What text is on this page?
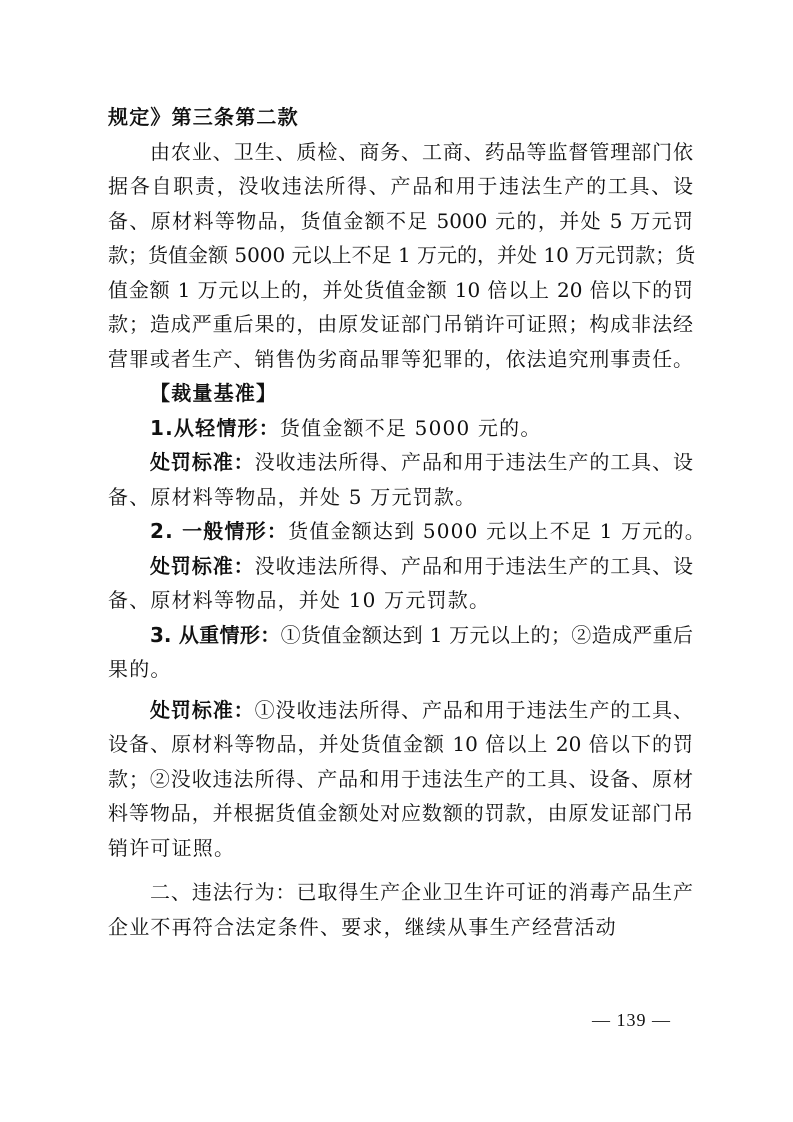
规定》第三条第二款
由农业、卫生、质检、商务、工商、药品等监督管理部门依
据各自职责，没收违法所得、产品和用于违法生产的工具、设
备、原材料等物品，货值金额不足 5000 元的，并处 5 万元罚
款；货值金额 5000 元以上不足 1 万元的，并处 10 万元罚款；货
值金额 1 万元以上的，并处货值金额 10 倍以上 20 倍以下的罚
款；造成严重后果的，由原发证部门吊销许可证照；构成非法经
营罪或者生产、销售伪劣商品罪等犯罪的，依法追究刑事责任。
【裁量基准】
1.从轻情形：货值金额不足 5000 元的。
处罚标准：没收违法所得、产品和用于违法生产的工具、设
备、原材料等物品，并处 5 万元罚款。
2. 一般情形：货值金额达到 5000 元以上不足 1 万元的。
处罚标准：没收违法所得、产品和用于违法生产的工具、设
备、原材料等物品，并处 10 万元罚款。
3. 从重情形：①货值金额达到 1 万元以上的；②造成严重后
果的。
处罚标准：①没收违法所得、产品和用于违法生产的工具、
设备、原材料等物品，并处货值金额 10 倍以上 20 倍以下的罚
款；②没收违法所得、产品和用于违法生产的工具、设备、原材
料等物品，并根据货值金额处对应数额的罚款，由原发证部门吊
销许可证照。
二、违法行为：已取得生产企业卫生许可证的消毒产品生产
企业不再符合法定条件、要求，继续从事生产经营活动
— 139 —
